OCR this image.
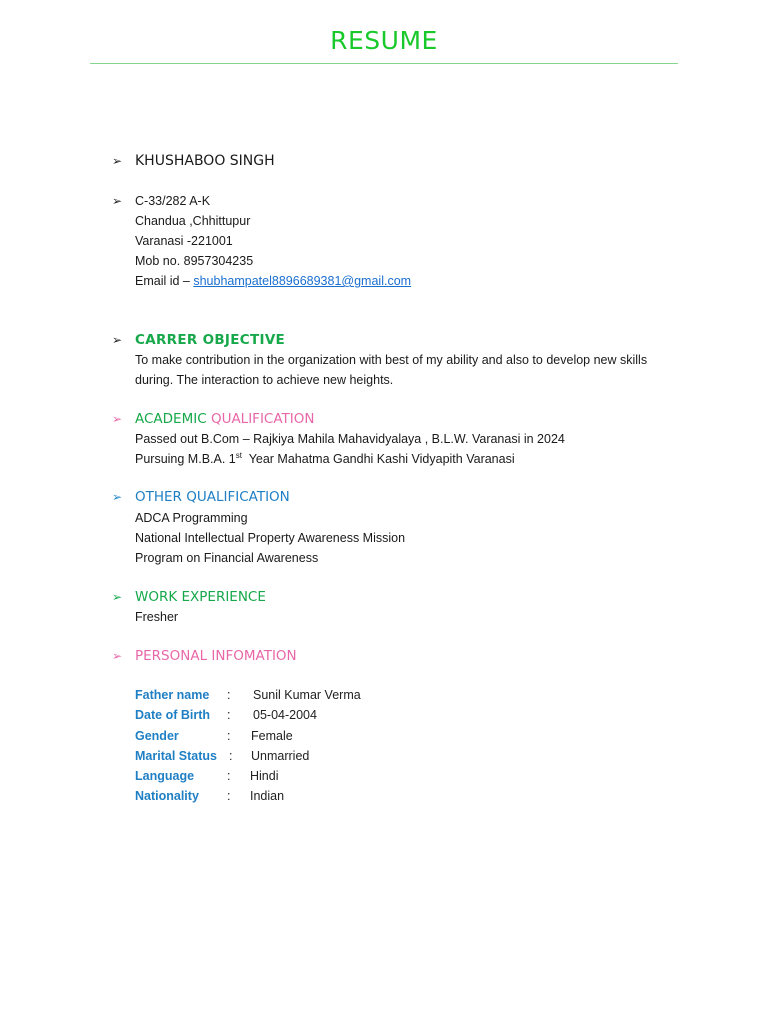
RESUME
➢ KHUSHABOO SINGH
➢	C-33/282 A-K
Chandua ,Chhittupur
Varanasi -221001
Mob no. 8957304235
Email id – shubhampatel8896689381@gmail.com
➢ CARRER OBJECTIVE
To make contribution in the organization with best of my ability and also to develop new skills
during. The interaction to achieve new heights.
➢ ACADEMIC QUALIFICATION
Passed out B.Com – Rajkiya Mahila Mahavidyalaya , B.L.W. Varanasi in 2024
Pursuing M.B.A. 1st  Year Mahatma Gandhi Kashi Vidyapith Varanasi
➢ OTHER QUALIFICATION
ADCA Programming
National Intellectual Property Awareness Mission
Program on Financial Awareness
➢ WORK EXPERIENCE
Fresher
➢ PERSONAL INFOMATION
Father name : Sunil Kumar Verma
Date of Birth : 05-04-2004
Gender	: Female
Marital Status : Unmarried
Language	: Hindi
Nationality : Indian
